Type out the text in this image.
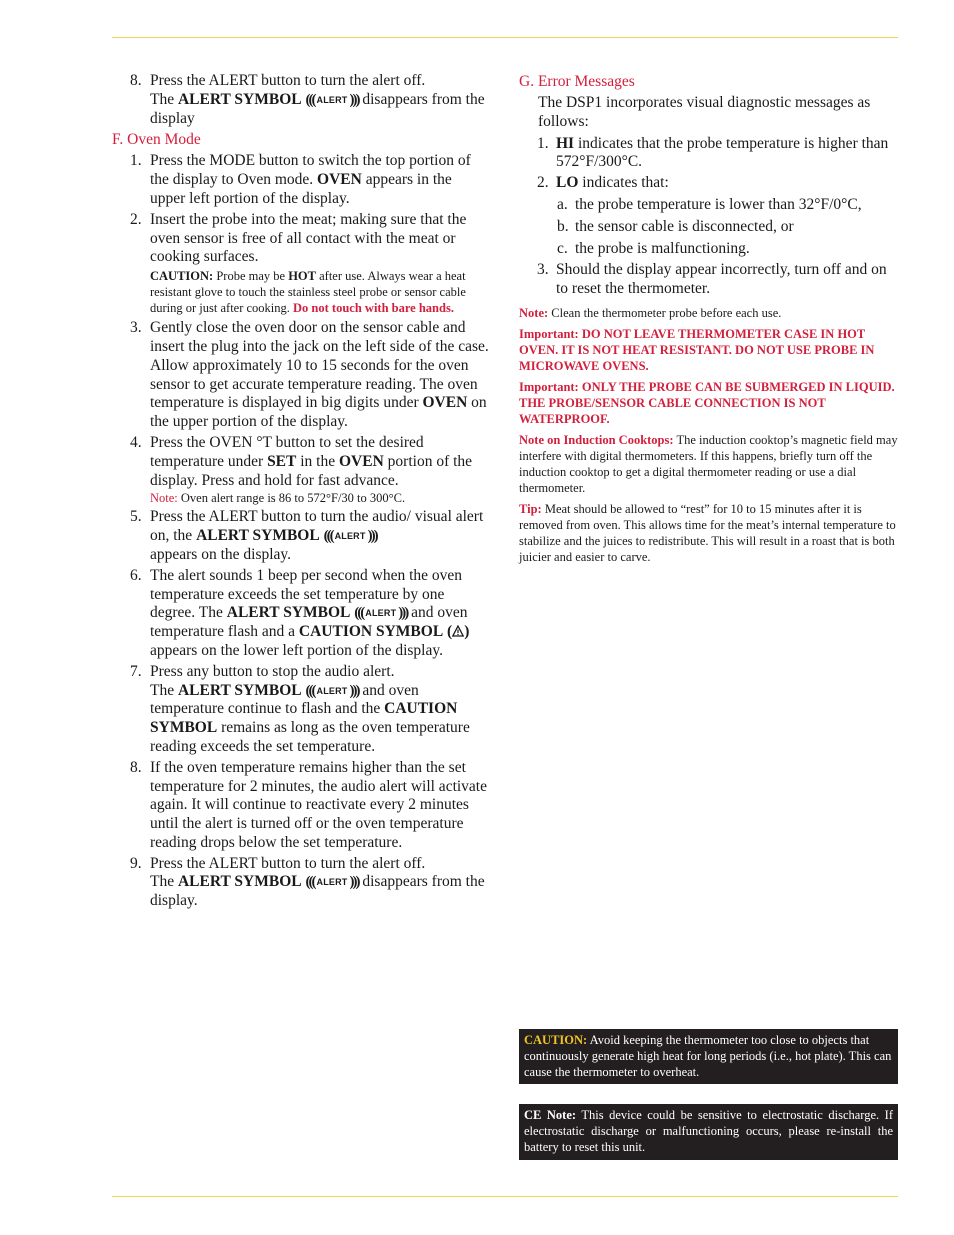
8. Press the ALERT button to turn the alert off.
The ALERT SYMBOL ((( ALERT ))) disappears from the display
F. Oven Mode
1. Press the MODE button to switch the top portion of the display to Oven mode. OVEN appears in the upper left portion of the display.
2. Insert the probe into the meat; making sure that the oven sensor is free of all contact with the meat or cooking surfaces.
CAUTION: Probe may be HOT after use. Always wear a heat resistant glove to touch the stainless steel probe or sensor cable during or just after cooking. Do not touch with bare hands.
3. Gently close the oven door on the sensor cable and insert the plug into the jack on the left side of the case. Allow approximately 10 to 15 seconds for the oven sensor to get accurate temperature reading. The oven temperature is displayed in big digits under OVEN on the upper portion of the display.
4. Press the OVEN °T button to set the desired temperature under SET in the OVEN portion of the display. Press and hold for fast advance.
Note: Oven alert range is 86 to 572°F/30 to 300°C.
5. Press the ALERT button to turn the audio/ visual alert on, the ALERT SYMBOL ((( ALERT )))

appears on the display.
6. The alert sounds 1 beep per second when the oven temperature exceeds the set temperature by one degree. The ALERT SYMBOL ((( ALERT ))) and oven temperature flash and a CAUTION SYMBOL ( ) appears on the lower left portion of the display.
7. Press any button to stop the audio alert.
The ALERT SYMBOL ((( ALERT ))) and oven temperature continue to flash and the CAUTION SYMBOL remains as long as the oven temperature reading exceeds the set temperature.
8. If the oven temperature remains higher than the set temperature for 2 minutes, the audio alert will activate again. It will continue to reactivate every 2 minutes until the alert is turned off or the oven temperature reading drops below the set temperature.
9. Press the ALERT button to turn the alert off.
The ALERT SYMBOL ((( ALERT ))) disappears from the display.
G. Error Messages
The DSP1 incorporates visual diagnostic messages as follows:
1. HI indicates that the probe temperature is higher than 572°F/300°C.
2. LO indicates that:
a. the probe temperature is lower than 32°F/0°C,
b. the sensor cable is disconnected, or
c. the probe is malfunctioning.
3. Should the display appear incorrectly, turn off and on to reset the thermometer.
Note: Clean the thermometer probe before each use.
Important: DO NOT LEAVE THERMOMETER CASE IN HOT OVEN. IT IS NOT HEAT RESISTANT. DO NOT USE PROBE IN MICROWAVE OVENS.
Important: ONLY THE PROBE CAN BE SUBMERGED IN LIQUID. THE PROBE/SENSOR CABLE CONNECTION IS NOT WATERPROOF.
Note on Induction Cooktops: The induction cooktop’s magnetic field may interfere with digital thermometers. If this happens, briefly turn off the induction cooktop to get a digital thermometer reading or use a dial thermometer.
Tip: Meat should be allowed to “rest” for 10 to 15 minutes after it is removed from oven. This allows time for the meat’s internal temperature to stabilize and the juices to redistribute. This will result in a roast that is both juicier and easier to carve.
CAUTION: Avoid keeping the thermometer too close to objects that continuously generate high heat for long periods (i.e., hot plate). This can cause the thermometer to overheat.
CE Note: This device could be sensitive to electrostatic discharge. If electrostatic discharge or malfunctioning occurs, please re-install the battery to reset this unit.
